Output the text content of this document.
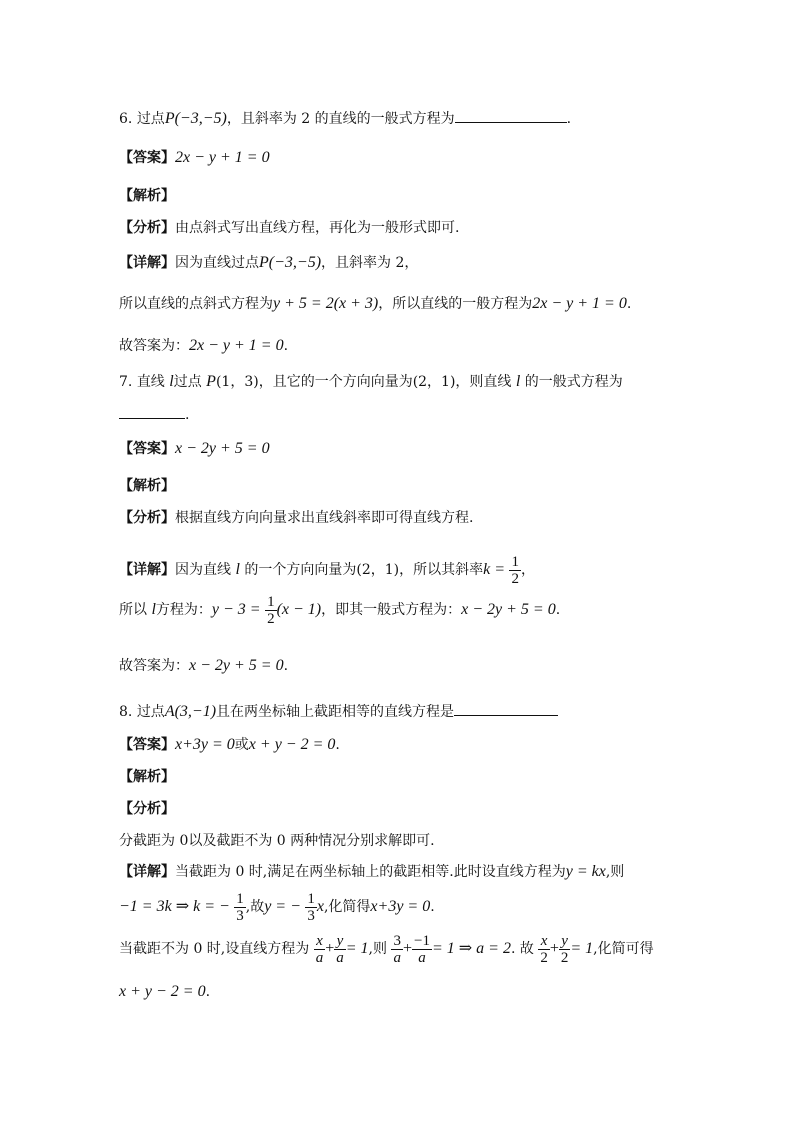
6. 过点P(−3,−5)，且斜率为 2 的直线的一般式方程为	.
【答案】2x − y + 1 = 0
【解析】
【分析】由点斜式写出直线方程，再化为一般形式即可.
【详解】因为直线过点P(−3,−5)，且斜率为 2，
所以直线的点斜式方程为y + 5 = 2(x + 3)，所以直线的一般方程为2x − y + 1 = 0.
故答案为：2x − y + 1 = 0.
7. 直线 l过点 P(1，3)，且它的一个方向向量为(2，1)，则直线 l 的一般式方程为
.
【答案】x − 2y + 5 = 0
【解析】
【分析】根据直线方向向量求出直线斜率即可得直线方程.
【详解】因为直线 l 的一个方向向量为(2，1)，所以其斜率$k = \frac{1}{2}$ ，
所以 l方程为：$y - 3 = \frac{1}{2} (x - 1)$，即其一般式方程为：x − 2y + 5 = 0.
故答案为：x − 2y + 5 = 0.
8. 过点A(3,−1)且在两坐标轴上截距相等的直线方程是
【答案】x+3y = 0或x + y − 2 = 0.
【解析】
【分析】
分截距为 0以及截距不为 0 两种情况分别求解即可.
【详解】当截距为 0 时,满足在两坐标轴上的截距相等.此时设直线方程为y = kx,则
−1 = 3k ⇒ k = − $\frac{1}{3}$ ,故y = − $\frac{1}{3} x$,化简得x+3y = 0.
当截距不为 0 时,设直线方程为 $\frac{x}{a} + \frac{y}{a} = 1$,则 $\frac{3}{a} + \frac{-1}{a} = 1$ ⇒ a = 2. 故 $\frac{x}{2} + \frac{y}{2} = 1$,化简可得
x + y − 2 = 0.
